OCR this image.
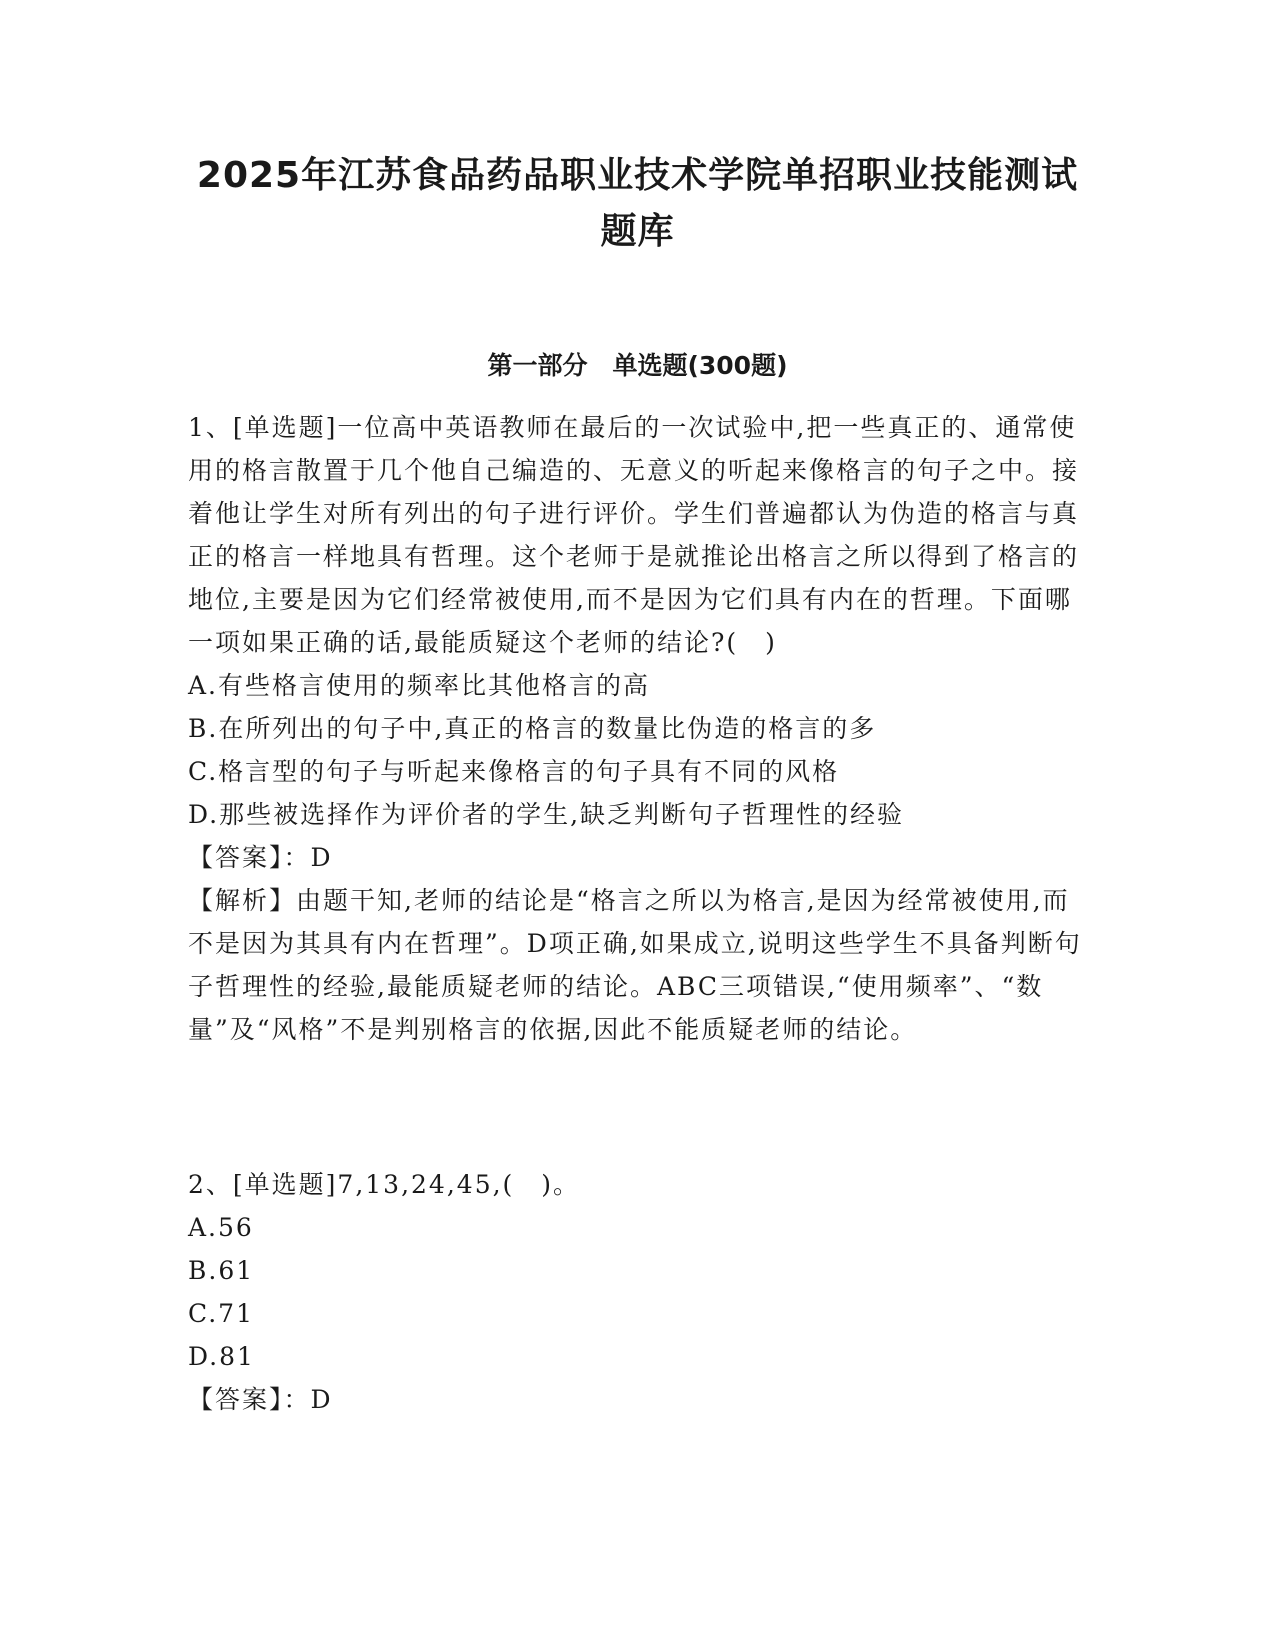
2025年江苏食品药品职业技术学院单招职业技能测试
题库
第一部分　单选题(300题)

1、[单选题]一位高中英语教师在最后的一次试验中,把一些真正的、通常使用的格言散置于几个他自己编造的、无意义的听起来像格言的句子之中。接着他让学生对所有列出的句子进行评价。学生们普遍都认为伪造的格言与真正的格言一样地具有哲理。这个老师于是就推论出格言之所以得到了格言的地位,主要是因为它们经常被使用,而不是因为它们具有内在的哲理。下面哪一项如果正确的话,最能质疑这个老师的结论?(　)

A.有些格言使用的频率比其他格言的高

B.在所列出的句子中,真正的格言的数量比伪造的格言的多

C.格言型的句子与听起来像格言的句子具有不同的风格

D.那些被选择作为评价者的学生,缺乏判断句子哲理性的经验

【答案】：D

【解析】由题干知,老师的结论是“格言之所以为格言,是因为经常被使用,而不是因为其具有内在哲理”。D项正确,如果成立,说明这些学生不具备判断句子哲理性的经验,最能质疑老师的结论。ABC三项错误,“使用频率”、“数量”及“风格”不是判别格言的依据,因此不能质疑老师的结论。

2、[单选题]7,13,24,45,(　)。

A.56

B.61

C.71

D.81

【答案】：D
